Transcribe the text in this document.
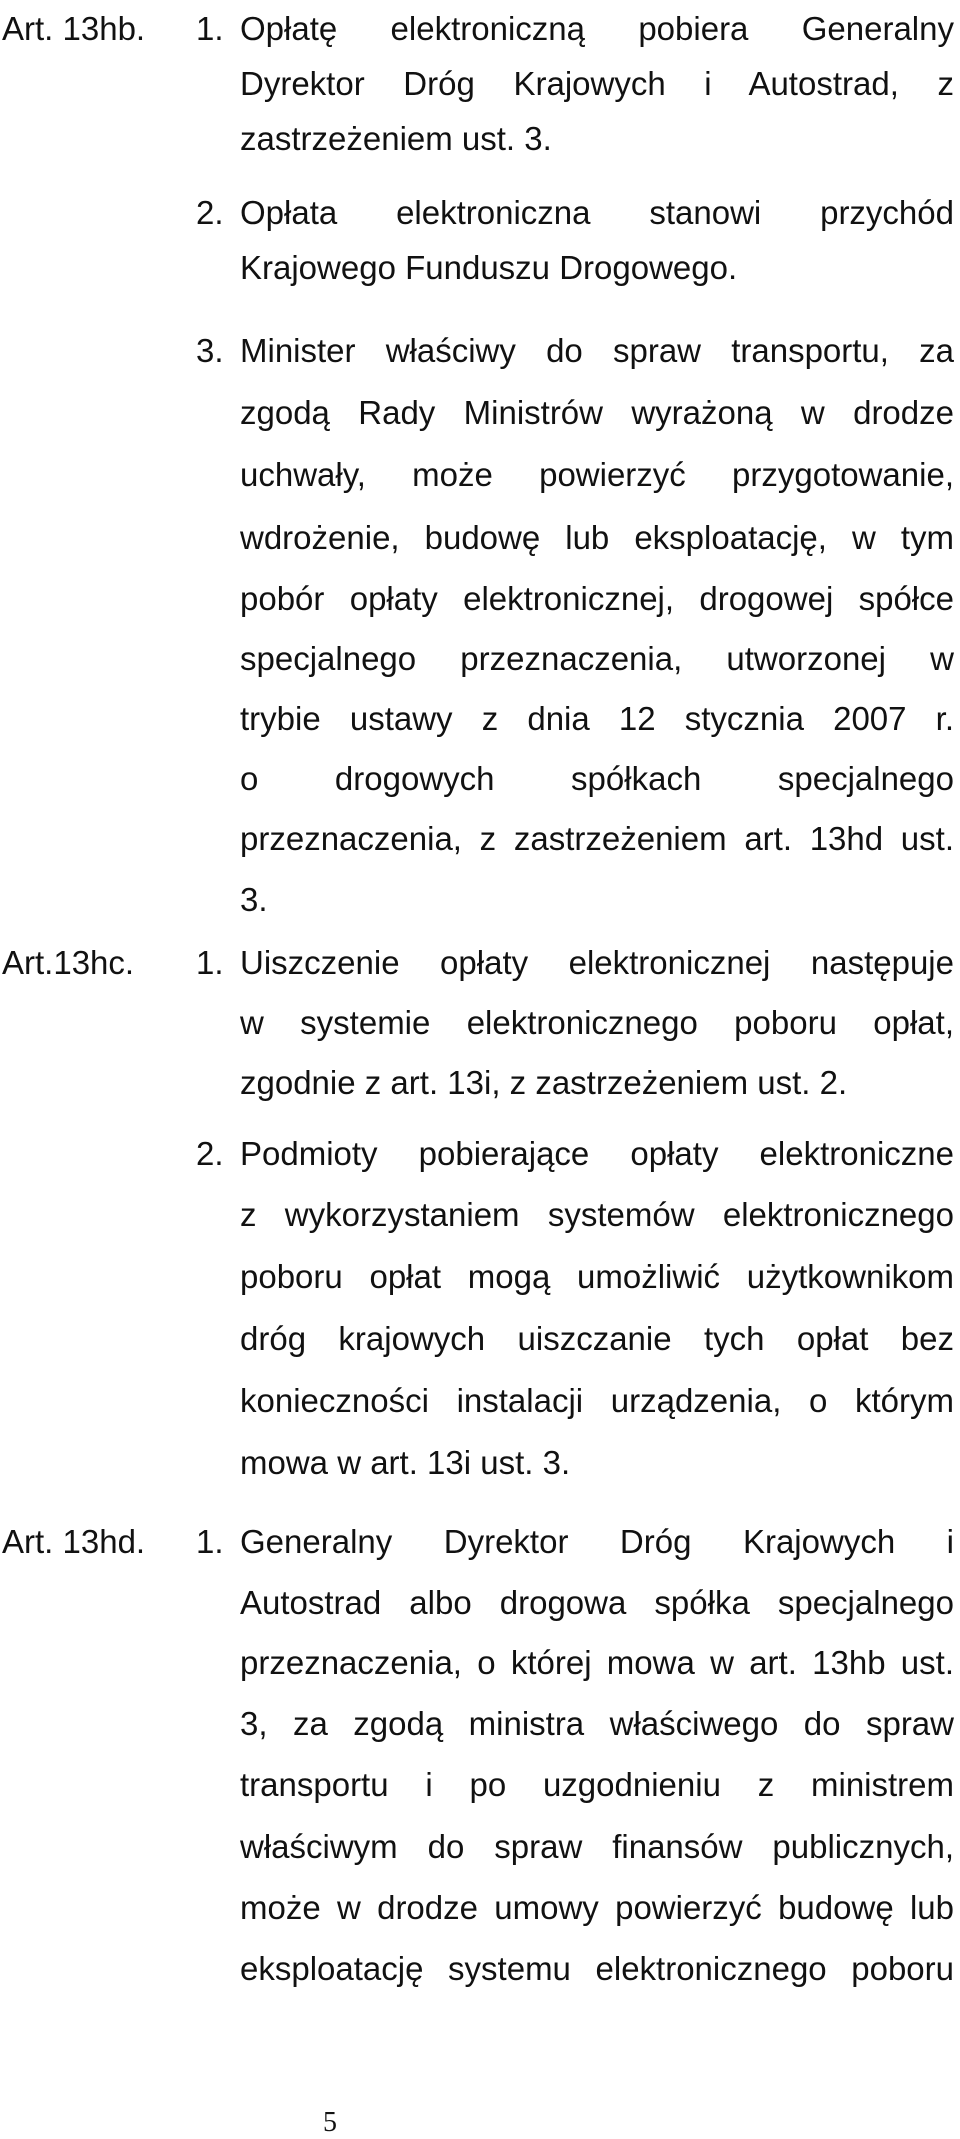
Art. 13hb.	1. Opłatę elektroniczną pobiera Generalny
Dyrektor Dróg Krajowych i Autostrad, z
zastrzeżeniem ust. 3.
2. Opłata elektroniczna stanowi przychód
Krajowego Funduszu Drogowego.
3. Minister właściwy do spraw transportu, za
zgodą Rady Ministrów wyrażoną w drodze
uchwały, może powierzyć przygotowanie,
wdrożenie, budowę lub eksploatację, w tym
pobór opłaty elektronicznej, drogowej spółce
specjalnego przeznaczenia, utworzonej w
trybie ustawy z dnia 12 stycznia 2007 r.
o drogowych spółkach specjalnego
przeznaczenia, z zastrzeżeniem art. 13hd ust.
3.
Art.13hc.	1. Uiszczenie opłaty elektronicznej następuje
w systemie elektronicznego poboru opłat,
zgodnie z art. 13i, z zastrzeżeniem ust. 2.
2. Podmioty pobierające opłaty elektroniczne
z wykorzystaniem systemów elektronicznego
poboru opłat mogą umożliwić użytkownikom
dróg krajowych uiszczanie tych opłat bez
konieczności instalacji urządzenia, o którym
mowa w art. 13i ust. 3.
Art. 13hd.	1. Generalny Dyrektor Dróg Krajowych i
Autostrad albo drogowa spółka specjalnego
przeznaczenia, o której mowa w art. 13hb ust.
3, za zgodą ministra właściwego do spraw
transportu i po uzgodnieniu z ministrem
właściwym do spraw finansów publicznych,
może w drodze umowy powierzyć budowę lub
eksploatację systemu elektronicznego poboru
5
